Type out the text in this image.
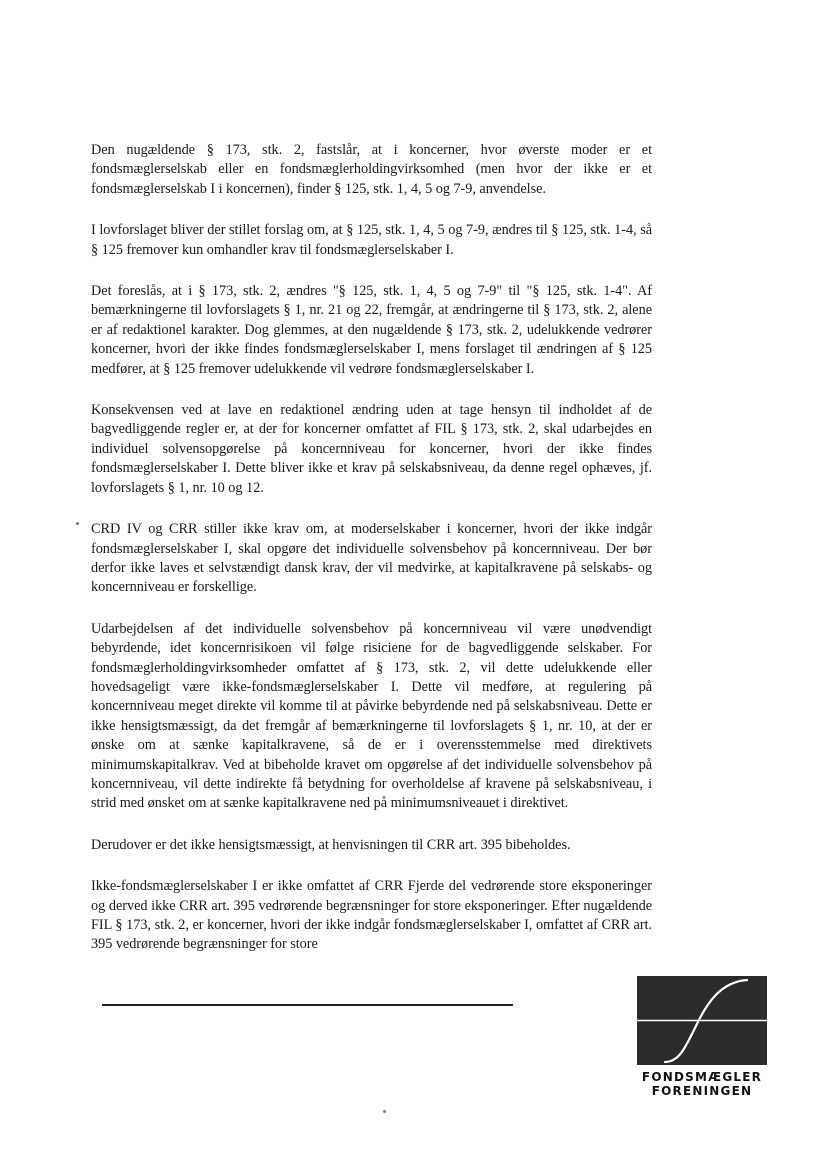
Den nugældende § 173, stk. 2, fastslår, at i koncerner, hvor øverste moder er et fondsmæglerselskab eller en fondsmæglerholdingvirksomhed (men hvor der ikke er et fondsmæglerselskab I i koncernen), finder § 125, stk. 1, 4, 5 og 7-9, anvendelse.

I lovforslaget bliver der stillet forslag om, at § 125, stk. 1, 4, 5 og 7-9, ændres til § 125, stk. 1-4, så § 125 fremover kun omhandler krav til fondsmæglerselskaber I.

Det foreslås, at i § 173, stk. 2, ændres "§ 125, stk. 1, 4, 5 og 7-9" til "§ 125, stk. 1-4". Af bemærkningerne til lovforslagets § 1, nr. 21 og 22, fremgår, at ændringerne til § 173, stk. 2, alene er af redaktionel karakter. Dog glemmes, at den nugældende § 173, stk. 2, udelukkende vedrører koncerner, hvori der ikke findes fondsmæglerselskaber I, mens forslaget til ændringen af § 125 medfører, at § 125 fremover udelukkende vil vedrøre fondsmæglerselskaber I.

Konsekvensen ved at lave en redaktionel ændring uden at tage hensyn til indholdet af de bagvedliggende regler er, at der for koncerner omfattet af FIL § 173, stk. 2, skal udarbejdes en individuel solvensopgørelse på koncernniveau for koncerner, hvori der ikke findes fondsmæglerselskaber I. Dette bliver ikke et krav på selskabsniveau, da denne regel ophæves, jf. lovforslagets § 1, nr. 10 og 12.

CRD IV og CRR stiller ikke krav om, at moderselskaber i koncerner, hvori der ikke indgår fondsmæglerselskaber I, skal opgøre det individuelle solvensbehov på koncernniveau. Der bør derfor ikke laves et selvstændigt dansk krav, der vil medvirke, at kapitalkravene på selskabs- og koncernniveau er forskellige.

Udarbejdelsen af det individuelle solvensbehov på koncernniveau vil være unødvendigt bebyrdende, idet koncernrisikoen vil følge risicienе for de bagvedliggende selskaber. For fondsmæglerholdingvirksomheder omfattet af § 173, stk. 2, vil dette udelukkende eller hovedsageligt være ikke-fondsmæglerselskaber I. Dette vil medføre, at regulering på koncernniveau meget direkte vil komme til at påvirke bebyrdende ned på selskabsniveau. Dette er ikke hensigtsmæssigt, da det fremgår af bemærkningerne til lovforslagets § 1, nr. 10, at der er ønske om at sænke kapitalkravene, så de er i overensstemmelse med direktivets minimumskapitalkrav. Ved at bibeholde kravet om opgørelse af det individuelle solvensbehov på koncernniveau, vil dette indirekte få betydning for overholdelse af kravene på selskabsniveau, i strid med ønsket om at sænke kapitalkravene ned på minimumsniveauet i direktivet.

Derudover er det ikke hensigtsmæssigt, at henvisningen til CRR art. 395 bibeholdes.

Ikke-fondsmæglerselskaber I er ikke omfattet af CRR Fjerde del vedrørende store eksponeringer og derved ikke CRR art. 395 vedrørende begrænsninger for store eksponeringer. Efter nugældende FIL § 173, stk. 2, er koncerner, hvori der ikke indgår fondsmæglerselskaber I, omfattet af CRR art. 395 vedrørende begrænsninger for store

FONDSMÆGLER
FORENINGEN
